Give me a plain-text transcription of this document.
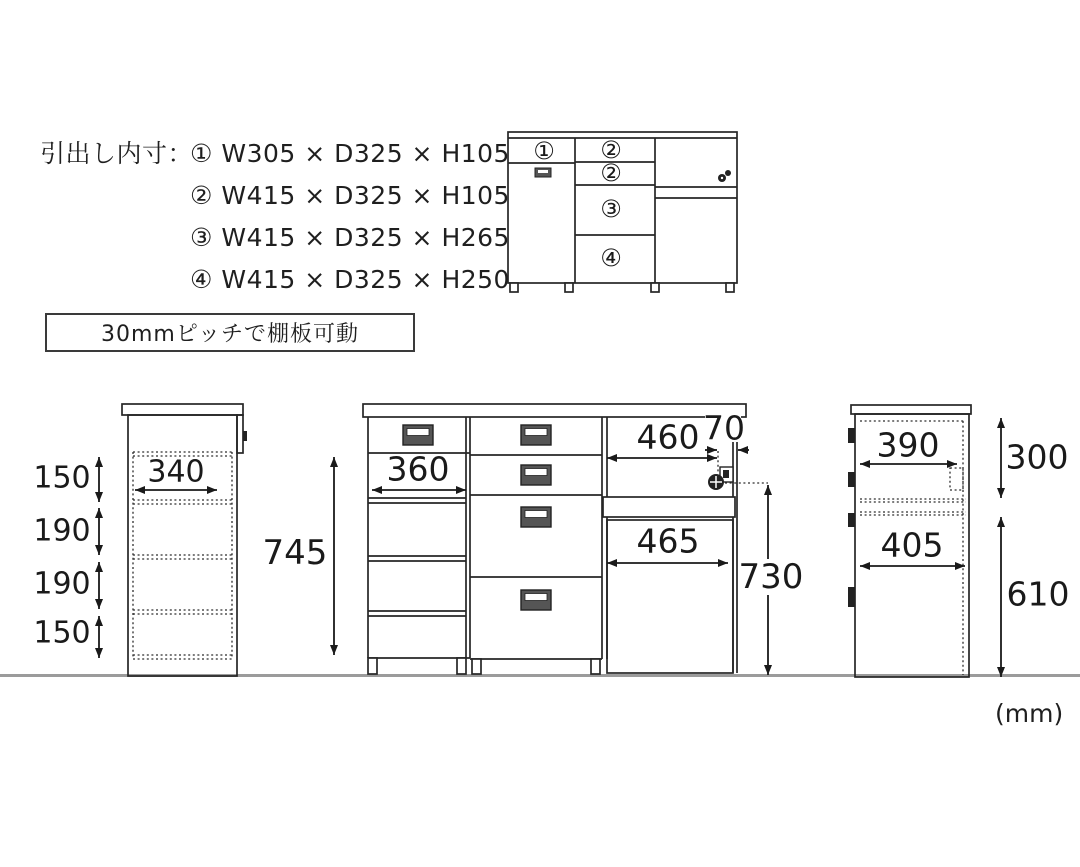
引出し内寸：① W305 × D325 × H105
② W415 × D325 × H105
③ W415 × D325 × H265
④ W415 × D325 × H250
30mmピッチで棚板可動
(mm)
① ②
②
③
④
340
150
190
190
150
745
360
460
465
730
70	390
405
300
610
